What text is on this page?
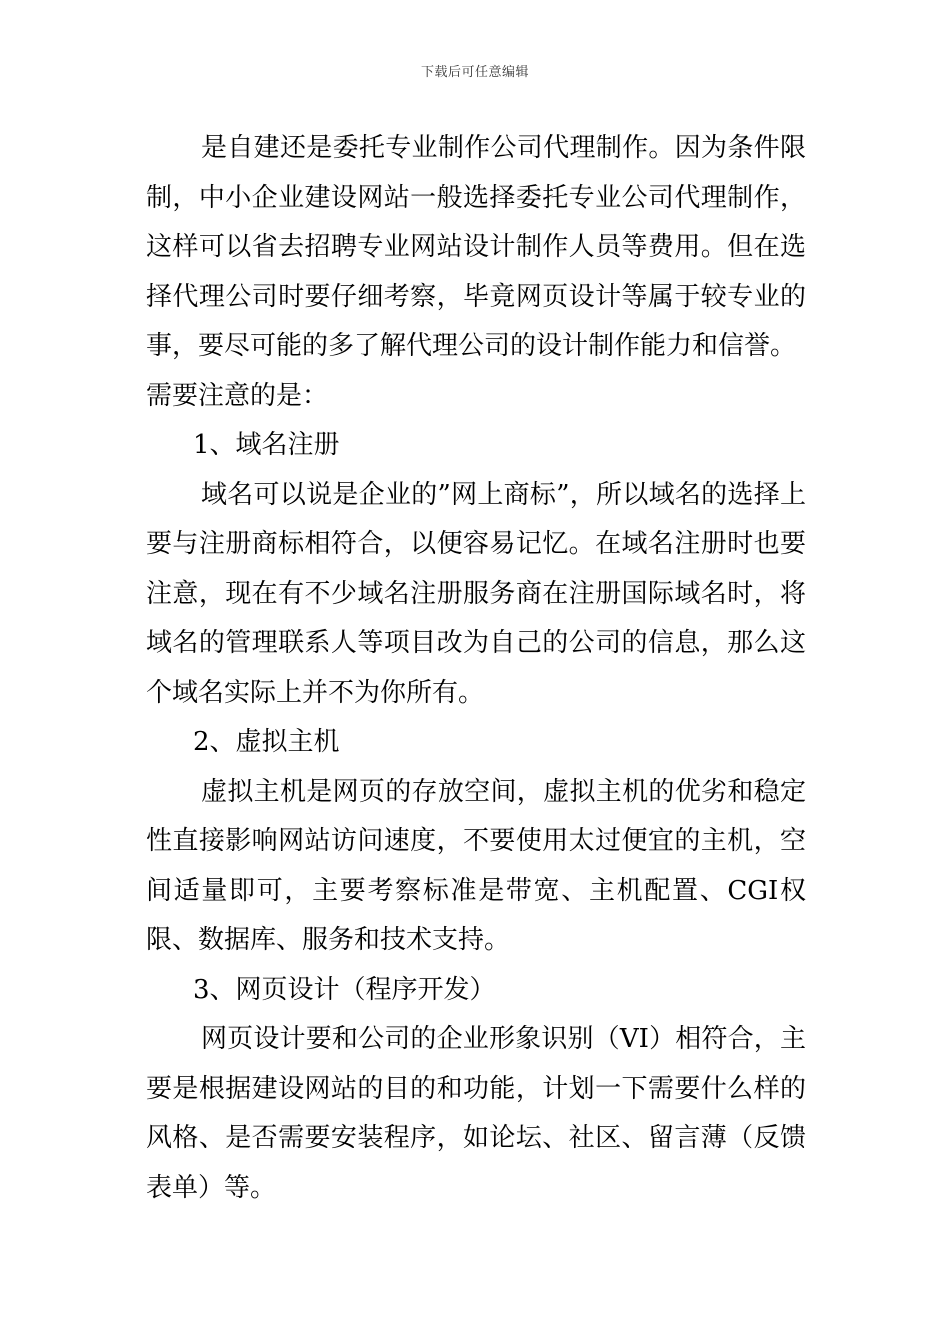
下载后可任意编辑

是自建还是委托专业制作公司代理制作。因为条件限制，中小企业建设网站一般选择委托专业公司代理制作，这样可以省去招聘专业网站设计制作人员等费用。但在选择代理公司时要仔细考察，毕竟网页设计等属于较专业的事，要尽可能的多了解代理公司的设计制作能力和信誉。

需要注意的是：

1、域名注册

域名可以说是企业的”网上商标”，所以域名的选择上要与注册商标相符合，以便容易记忆。在域名注册时也要注意，现在有不少域名注册服务商在注册国际域名时，将域名的管理联系人等项目改为自己的公司的信息，那么这个域名实际上并不为你所有。

2、虚拟主机

虚拟主机是网页的存放空间，虚拟主机的优劣和稳定性直接影响网站访问速度，不要使用太过便宜的主机，空间适量即可，主要考察标准是带宽、主机配置、CGI权限、数据库、服务和技术支持。

3、网页设计（程序开发）

网页设计要和公司的企业形象识别（VI）相符合，主要是根据建设网站的目的和功能，计划一下需要什么样的风格、是否需要安装程序，如论坛、社区、留言薄（反馈表单）等。
